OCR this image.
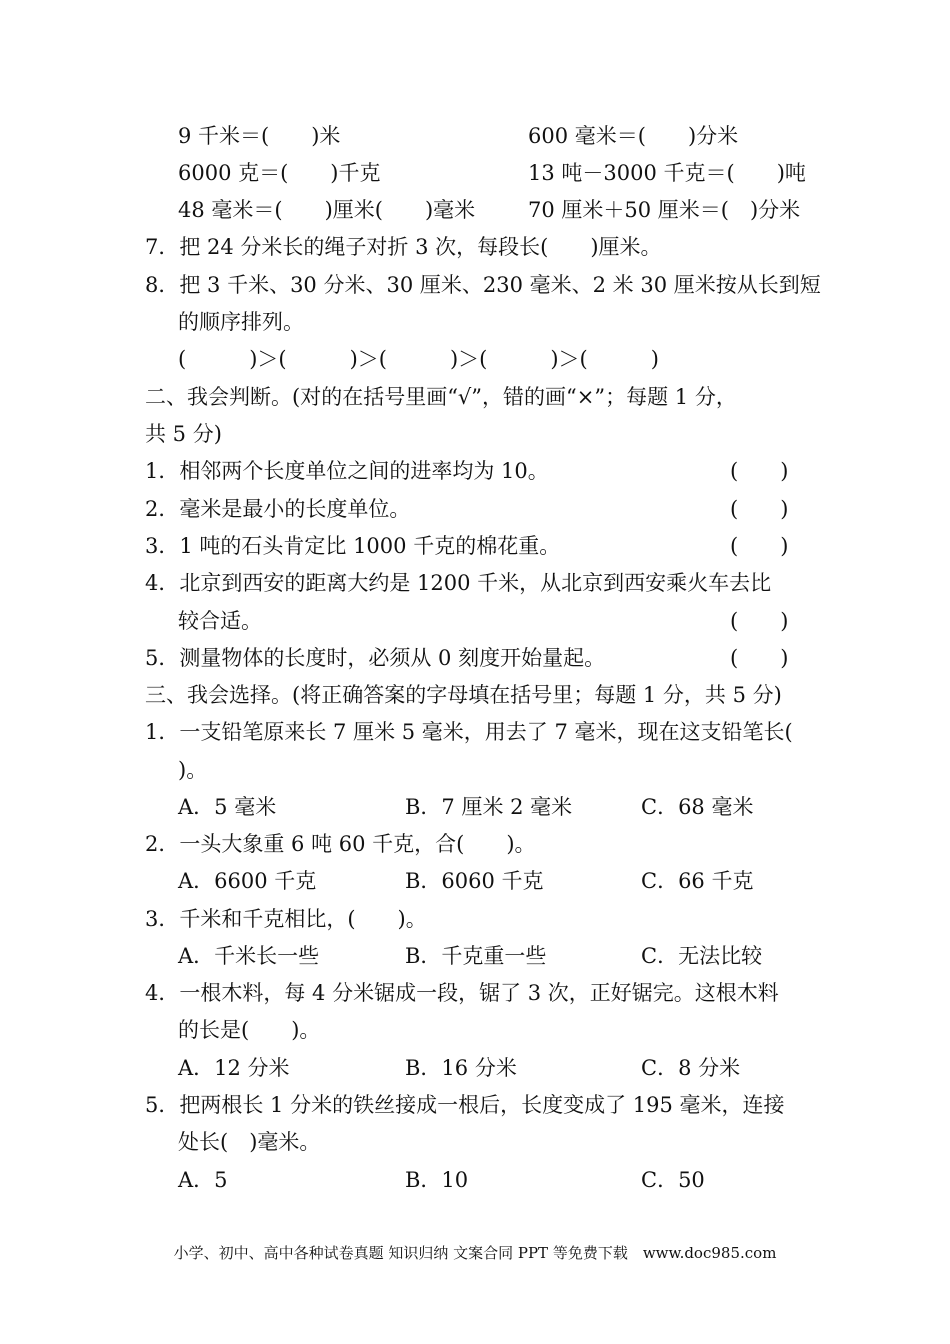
9 千米＝(　　)米	600 毫米＝(　　)分米
6000 克＝(　　)千克	13 吨－3000 千克＝(　　)吨
48 毫米＝(　　)厘米(　　)毫米	70 厘米＋50 厘米＝(　)分米
7．把 24 分米长的绳子对折 3 次，每段长(　　)厘米。
8．把 3 千米、30 分米、30 厘米、230 毫米、2 米 30 厘米按从长到短
的顺序排列。
(　　　)＞(　　　)＞(　　　)＞(　　　)＞(　　　)
二、我会判断。(对的在括号里画“√”，错的画“×”；每题 1 分，
共 5 分)
1．相邻两个长度单位之间的进率均为 10。	(　　)
2．毫米是最小的长度单位。	(　　)
3．1 吨的石头肯定比 1000 千克的棉花重。	(　　)
4．北京到西安的距离大约是 1200 千米，从北京到西安乘火车去比
较合适。	(　　)
5．测量物体的长度时，必须从 0 刻度开始量起。	(　　)
三、我会选择。(将正确答案的字母填在括号里；每题 1 分，共 5 分)
1．一支铅笔原来长 7 厘米 5 毫米，用去了 7 毫米，现在这支铅笔长(
)。
A．5 毫米	B．7 厘米 2 毫米	C．68 毫米
2．一头大象重 6 吨 60 千克，合(　　)。
A．6600 千克	B．6060 千克	C．66 千克
3．千米和千克相比，(　　)。
A．千米长一些	B．千克重一些	C．无法比较
4．一根木料，每 4 分米锯成一段，锯了 3 次，正好锯完。这根木料
的长是(　　)。
A．12 分米	B．16 分米	C．8 分米
5．把两根长 1 分米的铁丝接成一根后，长度变成了 195 毫米，连接
处长(　)毫米。
A．5	B．10	C．50
小学、初中、高中各种试卷真题 知识归纳 文案合同 PPT 等免费下载　www.doc985.com
